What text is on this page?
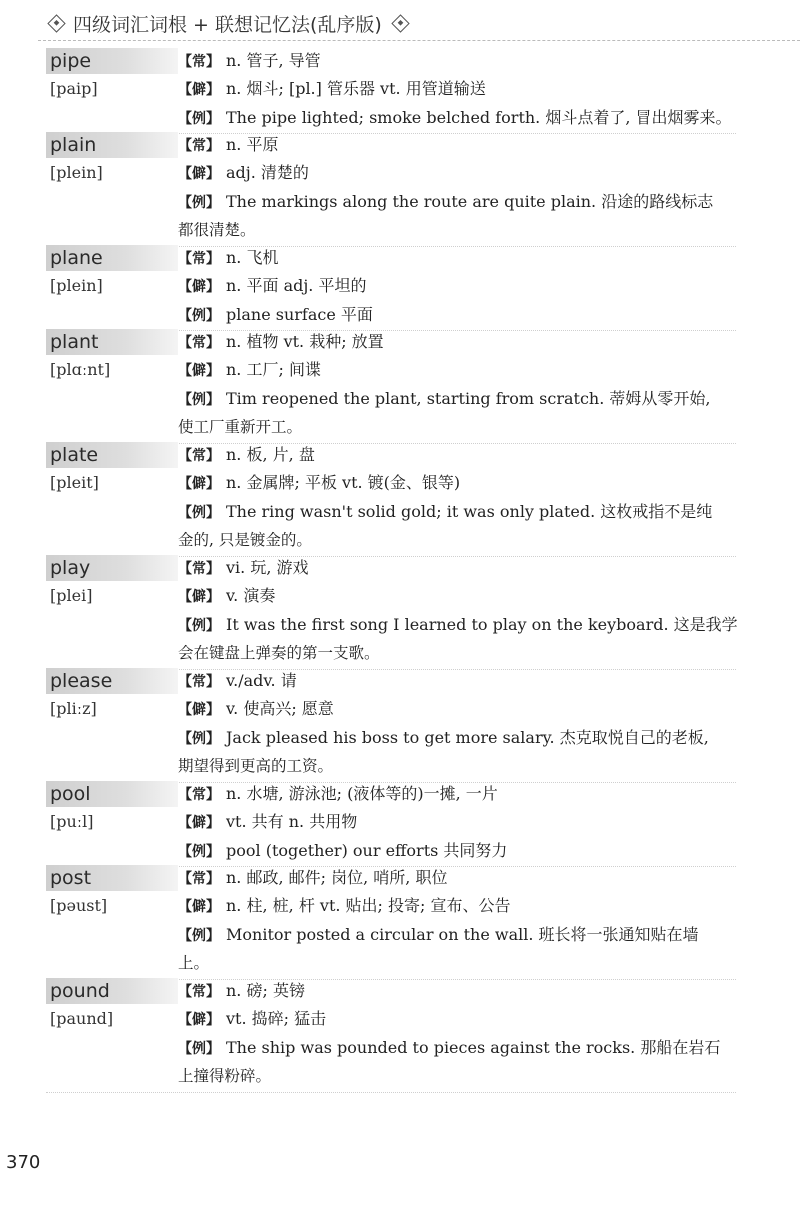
四级词汇词根 + 联想记忆法(乱序版)
pipe
[paip]
【常】 n. 管子, 导管
【僻】 n. 烟斗; [pl.] 管乐器 vt. 用管道输送
【例】 The pipe lighted; smoke belched forth. 烟斗点着了, 冒出烟雾来。
plain
[plein]
【常】 n. 平原
【僻】 adj. 清楚的
【例】 The markings along the route are quite plain. 沿途的路线标志
都很清楚。
plane
[plein]
【常】 n. 飞机
【僻】 n. 平面 adj. 平坦的
【例】 plane surface 平面
plant
[plɑːnt]
【常】 n. 植物 vt. 栽种; 放置
【僻】 n. 工厂; 间谍
【例】 Tim reopened the plant, starting from scratch. 蒂姆从零开始,
使工厂重新开工。
plate
[pleit]
【常】 n. 板, 片, 盘
【僻】 n. 金属牌; 平板 vt. 镀(金、银等)
【例】 The ring wasn't solid gold; it was only plated. 这枚戒指不是纯
金的, 只是镀金的。
play
[plei]
【常】 vi. 玩, 游戏
【僻】 v. 演奏
【例】 It was the first song I learned to play on the keyboard. 这是我学
会在键盘上弹奏的第一支歌。
please
[pliːz]
【常】 v./adv. 请
【僻】 v. 使高兴; 愿意
【例】 Jack pleased his boss to get more salary. 杰克取悦自己的老板,
期望得到更高的工资。
pool
[puːl]
【常】 n. 水塘, 游泳池; (液体等的)一摊, 一片
【僻】 vt. 共有 n. 共用物
【例】 pool (together) our efforts 共同努力
post
[pəust]
【常】 n. 邮政, 邮件; 岗位, 哨所, 职位
【僻】 n. 柱, 桩, 杆 vt. 贴出; 投寄; 宣布、公告
【例】 Monitor posted a circular on the wall. 班长将一张通知贴在墙
上。
pound
[paund]
【常】 n. 磅; 英镑
【僻】 vt. 捣碎; 猛击
【例】 The ship was pounded to pieces against the rocks. 那船在岩石
上撞得粉碎。
370
